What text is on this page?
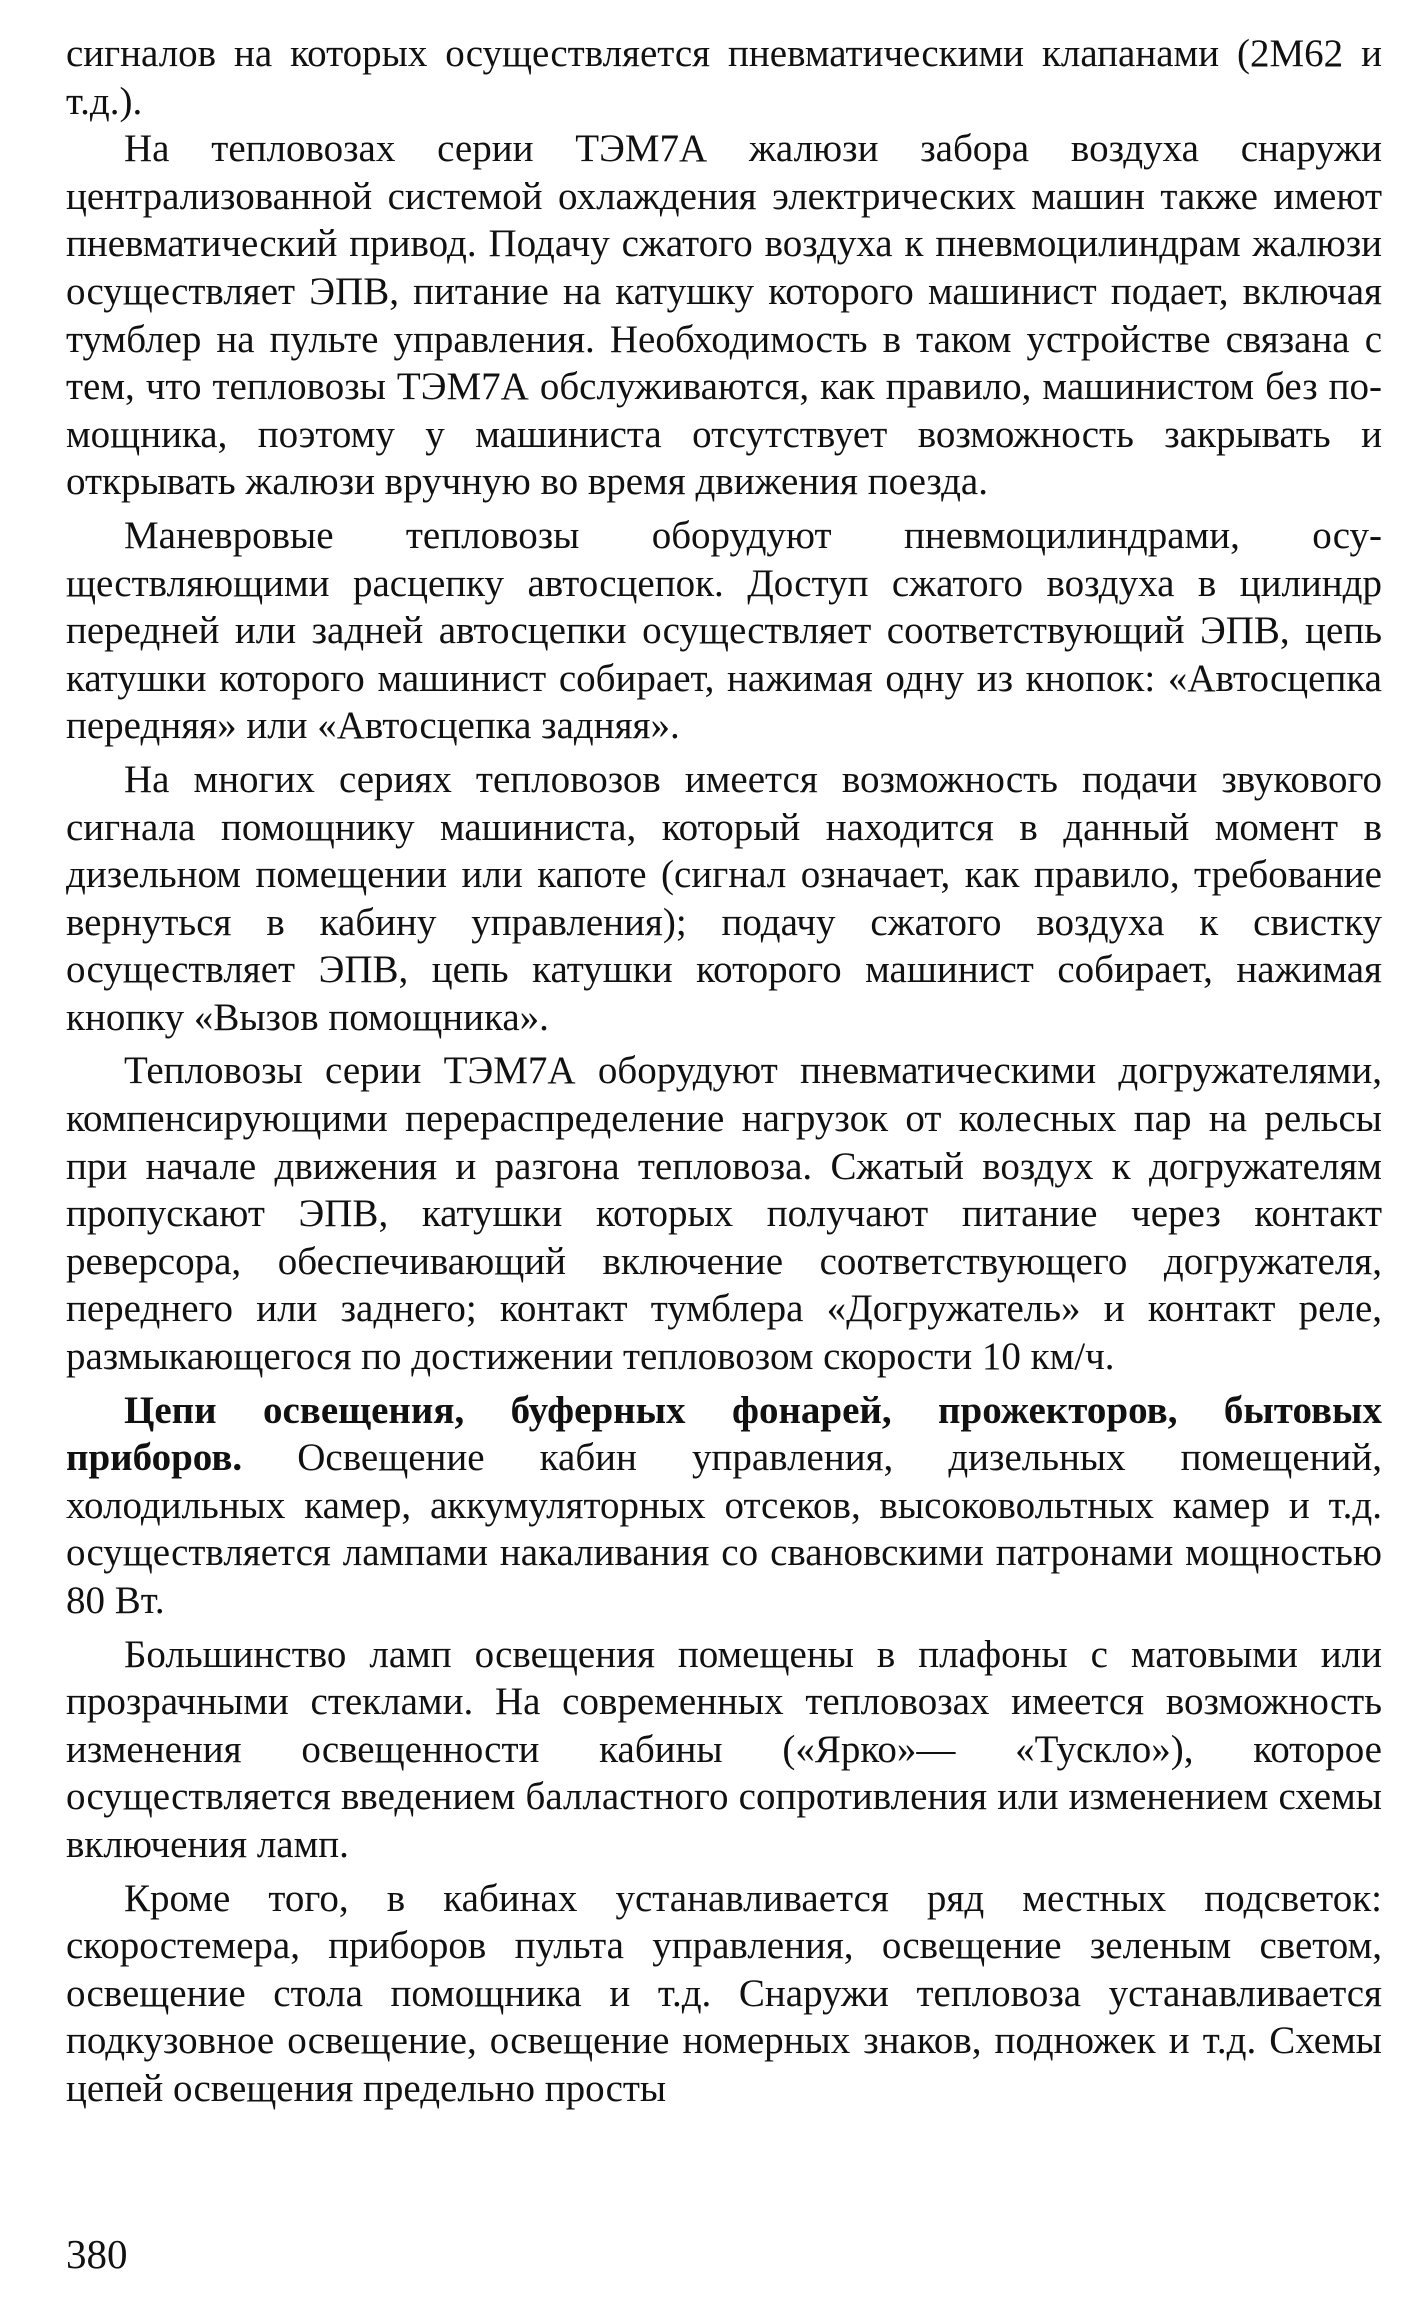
сигналов на которых осуществляется пневматическими клапанами (2М62 и т.д.).

На тепловозах серии ТЭМ7А жалюзи забора воздуха снаружи централизованной системой охлаждения электрических машин также имеют пневматический привод. Подачу сжатого воздуха к пневмоцилиндрам жалюзи осуществляет ЭПВ, питание на катушку которого машинист подает, включая тумблер на пульте управления. Необходимость в таком устройстве связана с тем, что тепловозы ТЭМ7А обслуживаются, как правило, машинистом без помощника, поэтому у машиниста отсутствует возможность закрывать и открывать жалюзи вручную во время движения поезда.

Маневровые тепловозы оборудуют пневмоцилиндрами, осуществляющими расцепку автосцепок. Доступ сжатого воздуха в цилиндр передней или задней автосцепки осуществляет соответствующий ЭПВ, цепь катушки которого машинист собирает, нажимая одну из кнопок: «Автосцепка передняя» или «Автосцепка задняя».

На многих сериях тепловозов имеется возможность подачи звукового сигнала помощнику машиниста, который находится в данный момент в дизельном помещении или капоте (сигнал означает, как правило, требование вернуться в кабину управления); подачу сжатого воздуха к свистку осуществляет ЭПВ, цепь катушки которого машинист собирает, нажимая кнопку «Вызов помощника».

Тепловозы серии ТЭМ7А оборудуют пневматическими догружателями, компенсирующими перераспределение нагрузок от колесных пар на рельсы при начале движения и разгона тепловоза. Сжатый воздух к догружателям пропускают ЭПВ, катушки которых получают питание через контакт реверсора, обеспечивающий включение соответствующего догружателя, переднего или заднего; контакт тумблера «Догружатель» и контакт реле, размыкающегося по достижении тепловозом скорости 10 км/ч.

Цепи освещения, буферных фонарей, прожекторов, бытовых приборов. Освещение кабин управления, дизельных помещений, холодильных камер, аккумуляторных отсеков, высоковольтных камер и т.д. осуществляется лампами накаливания со свановскими патронами мощностью 80 Вт.

Большинство ламп освещения помещены в плафоны с матовыми или прозрачными стеклами. На современных тепловозах имеется возможность изменения освещенности кабины («Ярко»— «Тускло»), которое осуществляется введением балластного сопротивления или изменением схемы включения ламп.

Кроме того, в кабинах устанавливается ряд местных подсветок: скоростемера, приборов пульта управления, освещение зеленым светом, освещение стола помощника и т.д. Снаружи тепловоза устанавливается подкузовное освещение, освещение номерных знаков, подножек и т.д. Схемы цепей освещения предельно просты

380
